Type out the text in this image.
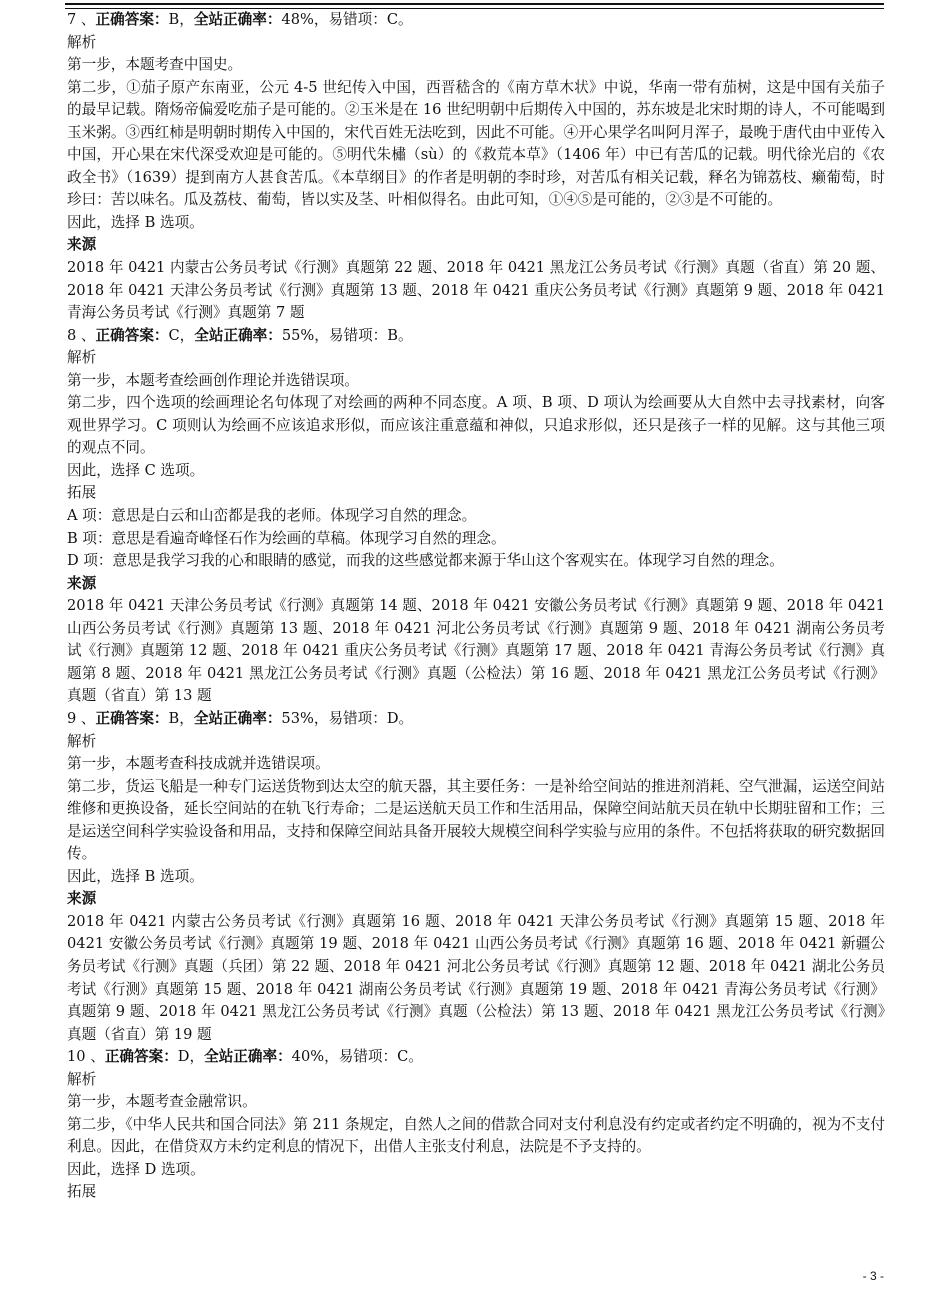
7 、正确答案：B，全站正确率：48%，易错项：C。

解析

第一步，本题考查中国史。

第二步，①茄子原产东南亚，公元 4-5 世纪传入中国，西晋嵇含的《南方草木状》中说，华南一带有茄树，这是中国有关茄子的最早记载。隋炀帝偏爱吃茄子是可能的。②玉米是在 16 世纪明朝中后期传入中国的，苏东坡是北宋时期的诗人，不可能喝到玉米粥。③西红柿是明朝时期传入中国的，宋代百姓无法吃到，因此不可能。④开心果学名叫阿月浑子，最晚于唐代由中亚传入中国，开心果在宋代深受欢迎是可能的。⑤明代朱橚（sù）的《救荒本草》（1406 年）中已有苦瓜的记载。明代徐光启的《农政全书》（1639）提到南方人甚食苦瓜。《本草纲目》的作者是明朝的李时珍，对苦瓜有相关记载，释名为锦荔枝、癞葡萄，时珍曰：苦以味名。瓜及荔枝、葡萄，皆以实及茎、叶相似得名。由此可知，①④⑤是可能的，②③是不可能的。

因此，选择 B 选项。

来源

2018 年 0421 内蒙古公务员考试《行测》真题第 22 题、2018 年 0421 黑龙江公务员考试《行测》真题（省直）第 20 题、2018 年 0421 天津公务员考试《行测》真题第 13 题、2018 年 0421 重庆公务员考试《行测》真题第 9 题、2018 年 0421 青海公务员考试《行测》真题第 7 题

8 、正确答案：C，全站正确率：55%，易错项：B。

解析

第一步，本题考查绘画创作理论并选错误项。

第二步，四个选项的绘画理论名句体现了对绘画的两种不同态度。A 项、B 项、D 项认为绘画要从大自然中去寻找素材，向客观世界学习。C 项则认为绘画不应该追求形似，而应该注重意蕴和神似，只追求形似，还只是孩子一样的见解。这与其他三项的观点不同。

因此，选择 C 选项。

拓展

A 项：意思是白云和山峦都是我的老师。体现学习自然的理念。

B 项：意思是看遍奇峰怪石作为绘画的草稿。体现学习自然的理念。

D 项：意思是我学习我的心和眼睛的感觉，而我的这些感觉都来源于华山这个客观实在。体现学习自然的理念。

来源

2018 年 0421 天津公务员考试《行测》真题第 14 题、2018 年 0421 安徽公务员考试《行测》真题第 9 题、2018 年 0421 山西公务员考试《行测》真题第 13 题、2018 年 0421 河北公务员考试《行测》真题第 9 题、2018 年 0421 湖南公务员考试《行测》真题第 12 题、2018 年 0421 重庆公务员考试《行测》真题第 17 题、2018 年 0421 青海公务员考试《行测》真题第 8 题、2018 年 0421 黑龙江公务员考试《行测》真题（公检法）第 16 题、2018 年 0421 黑龙江公务员考试《行测》真题（省直）第 13 题

9 、正确答案：B，全站正确率：53%，易错项：D。

解析

第一步，本题考查科技成就并选错误项。

第二步，货运飞船是一种专门运送货物到达太空的航天器，其主要任务：一是补给空间站的推进剂消耗、空气泄漏，运送空间站维修和更换设备，延长空间站的在轨飞行寿命；二是运送航天员工作和生活用品，保障空间站航天员在轨中长期驻留和工作；三是运送空间科学实验设备和用品，支持和保障空间站具备开展较大规模空间科学实验与应用的条件。不包括将获取的研究数据回传。

因此，选择 B 选项。

来源

2018 年 0421 内蒙古公务员考试《行测》真题第 16 题、2018 年 0421 天津公务员考试《行测》真题第 15 题、2018 年 0421 安徽公务员考试《行测》真题第 19 题、2018 年 0421 山西公务员考试《行测》真题第 16 题、2018 年 0421 新疆公务员考试《行测》真题（兵团）第 22 题、2018 年 0421 河北公务员考试《行测》真题第 12 题、2018 年 0421 湖北公务员考试《行测》真题第 15 题、2018 年 0421 湖南公务员考试《行测》真题第 19 题、2018 年 0421 青海公务员考试《行测》真题第 9 题、2018 年 0421 黑龙江公务员考试《行测》真题（公检法）第 13 题、2018 年 0421 黑龙江公务员考试《行测》真题（省直）第 19 题

10 、正确答案：D，全站正确率：40%，易错项：C。

解析

第一步，本题考查金融常识。

第二步，《中华人民共和国合同法》第 211 条规定，自然人之间的借款合同对支付利息没有约定或者约定不明确的，视为不支付利息。因此，在借贷双方未约定利息的情况下，出借人主张支付利息，法院是不予支持的。

因此，选择 D 选项。

拓展

- 3 -
